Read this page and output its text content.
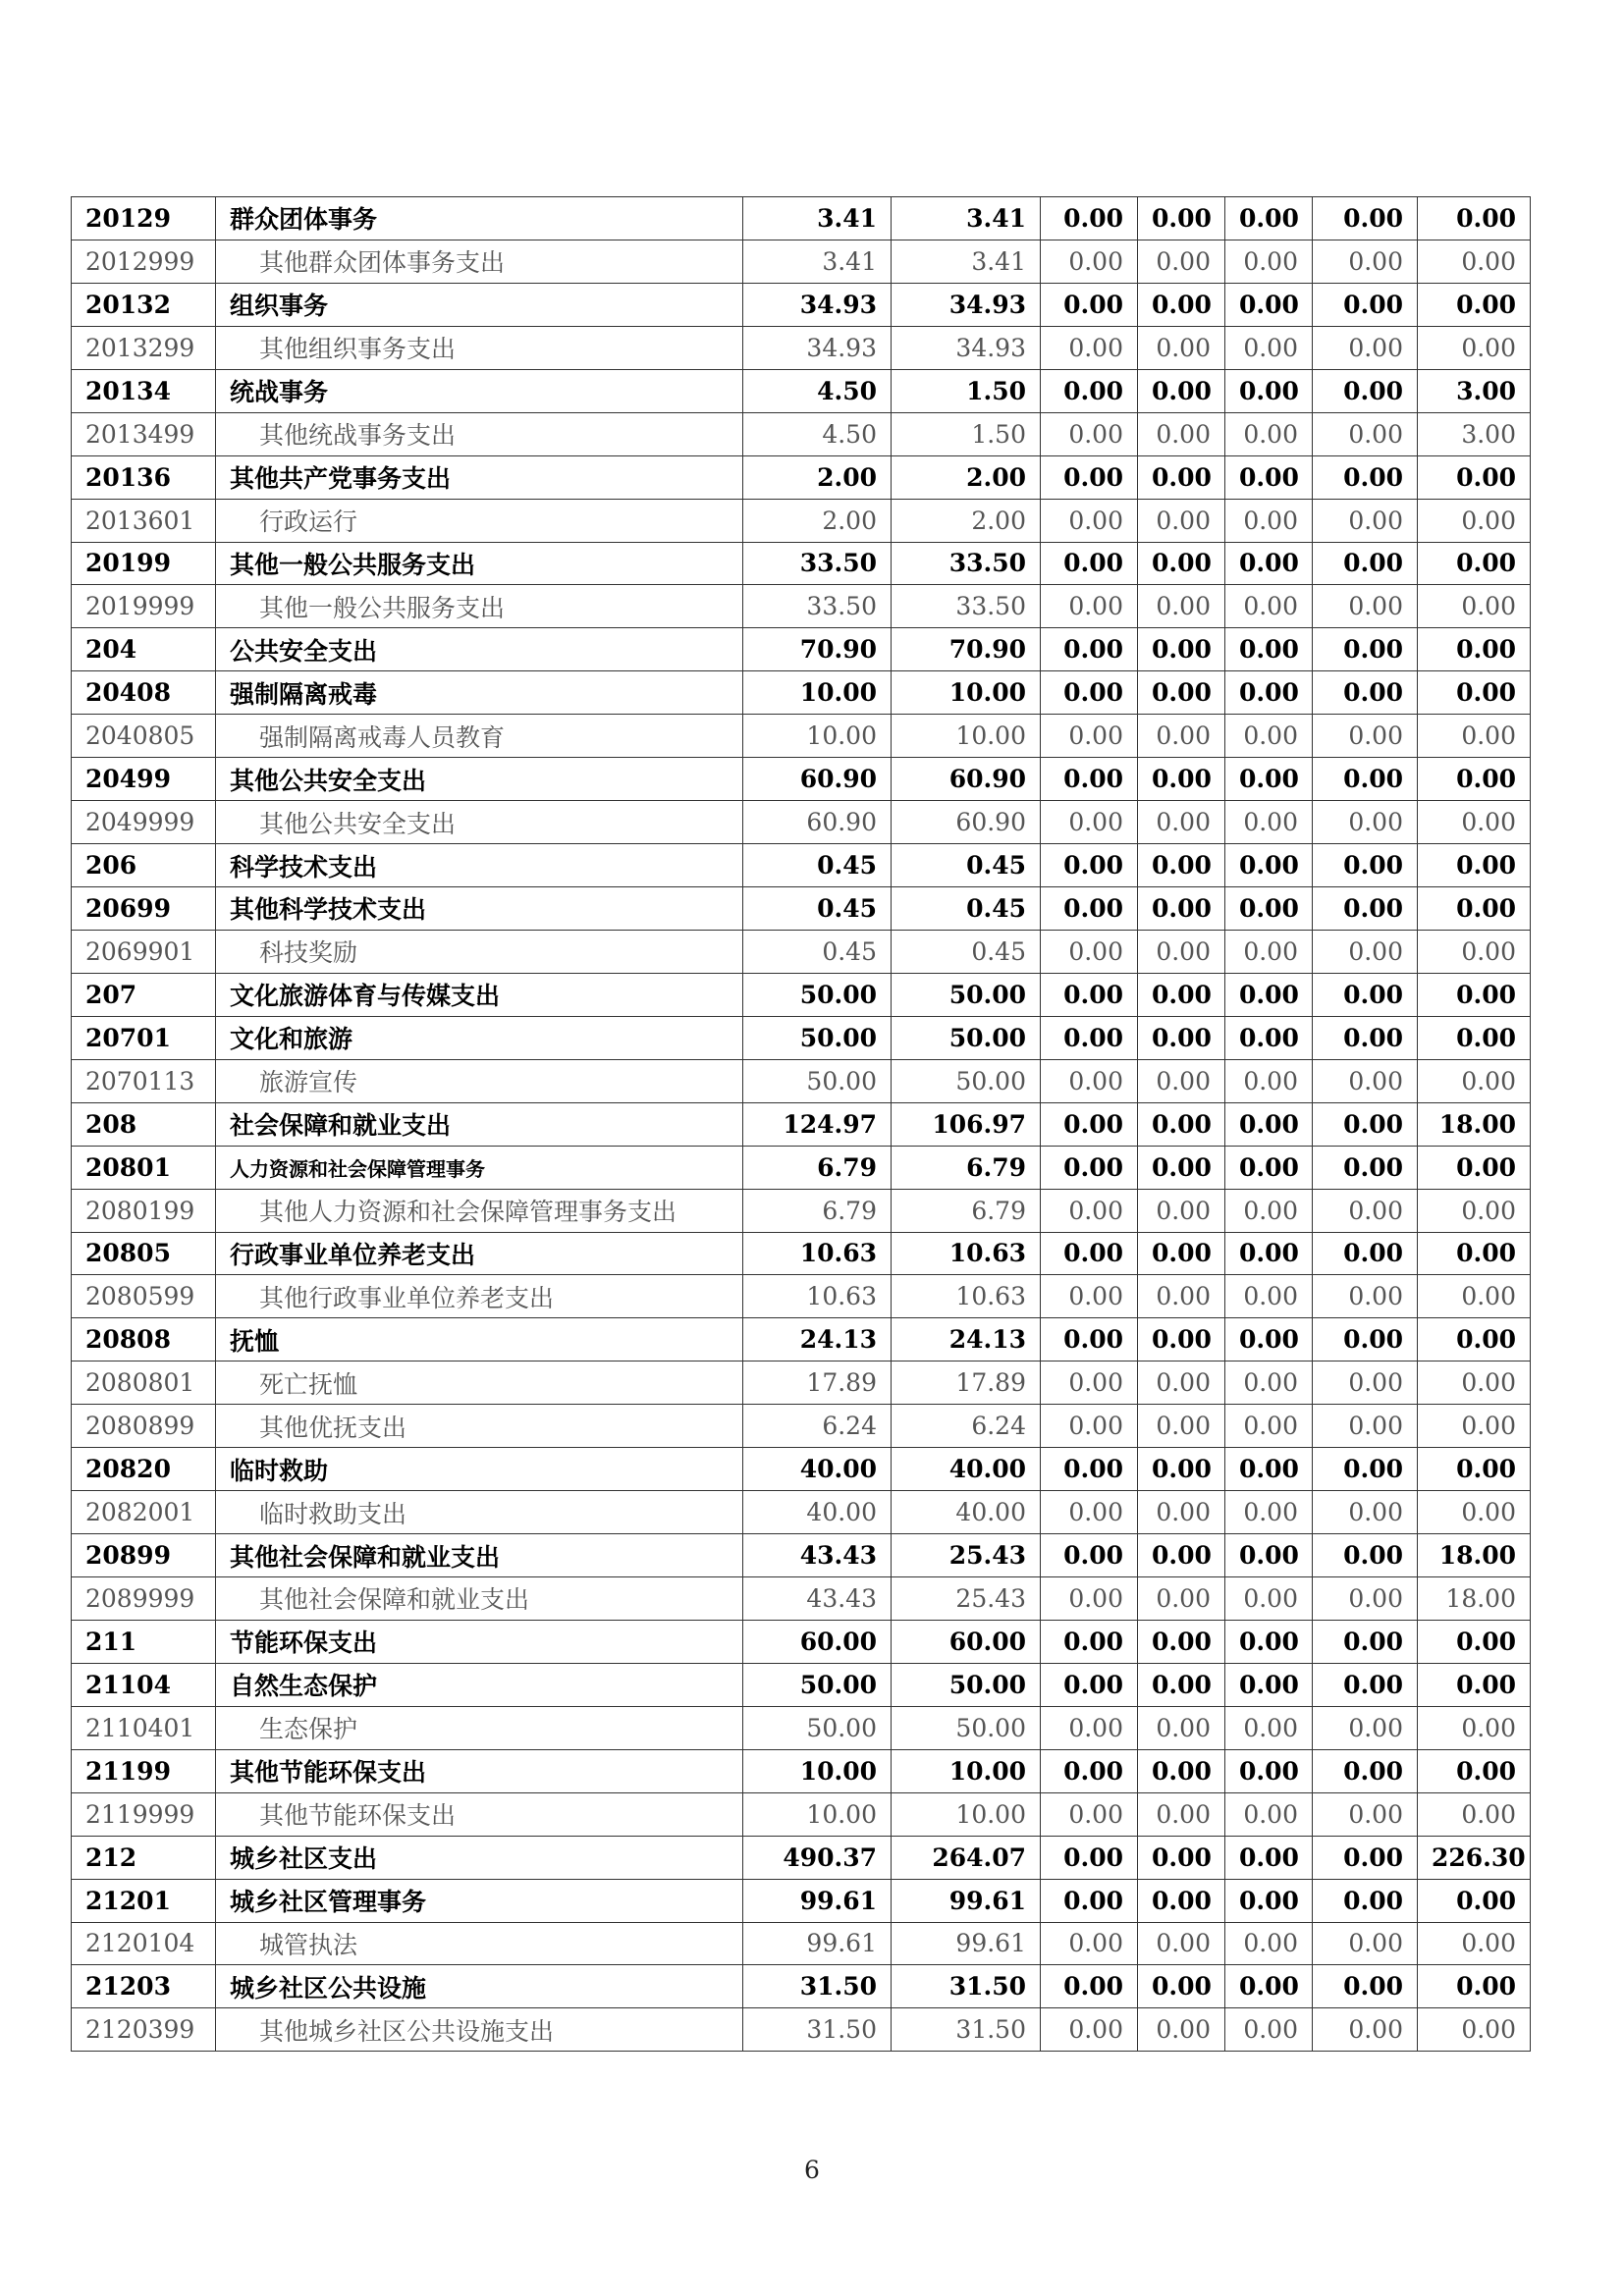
20129	群众团体事务	3.41	3.41	0.00	0.00	0.00	0.00	0.00
2012999	其他群众团体事务支出	3.41	3.41	0.00	0.00	0.00	0.00	0.00
20132	组织事务	34.93	34.93	0.00	0.00	0.00	0.00	0.00
2013299	其他组织事务支出	34.93	34.93	0.00	0.00	0.00	0.00	0.00
20134	统战事务	4.50	1.50	0.00	0.00	0.00	0.00	3.00
2013499	其他统战事务支出	4.50	1.50	0.00	0.00	0.00	0.00	3.00
20136	其他共产党事务支出	2.00	2.00	0.00	0.00	0.00	0.00	0.00
2013601	行政运行	2.00	2.00	0.00	0.00	0.00	0.00	0.00
20199	其他一般公共服务支出	33.50	33.50	0.00	0.00	0.00	0.00	0.00
2019999	其他一般公共服务支出	33.50	33.50	0.00	0.00	0.00	0.00	0.00
204	公共安全支出	70.90	70.90	0.00	0.00	0.00	0.00	0.00
20408	强制隔离戒毒	10.00	10.00	0.00	0.00	0.00	0.00	0.00
2040805	强制隔离戒毒人员教育	10.00	10.00	0.00	0.00	0.00	0.00	0.00
20499	其他公共安全支出	60.90	60.90	0.00	0.00	0.00	0.00	0.00
2049999	其他公共安全支出	60.90	60.90	0.00	0.00	0.00	0.00	0.00
206	科学技术支出	0.45	0.45	0.00	0.00	0.00	0.00	0.00
20699	其他科学技术支出	0.45	0.45	0.00	0.00	0.00	0.00	0.00
2069901	科技奖励	0.45	0.45	0.00	0.00	0.00	0.00	0.00
207	文化旅游体育与传媒支出	50.00	50.00	0.00	0.00	0.00	0.00	0.00
20701	文化和旅游	50.00	50.00	0.00	0.00	0.00	0.00	0.00
2070113	旅游宣传	50.00	50.00	0.00	0.00	0.00	0.00	0.00
208	社会保障和就业支出	124.97	106.97	0.00	0.00	0.00	0.00	18.00
20801	人力资源和社会保障管理事务	6.79	6.79	0.00	0.00	0.00	0.00	0.00
2080199	其他人力资源和社会保障管理事务支出	6.79	6.79	0.00	0.00	0.00	0.00	0.00
20805	行政事业单位养老支出	10.63	10.63	0.00	0.00	0.00	0.00	0.00
2080599	其他行政事业单位养老支出	10.63	10.63	0.00	0.00	0.00	0.00	0.00
20808	抚恤	24.13	24.13	0.00	0.00	0.00	0.00	0.00
2080801	死亡抚恤	17.89	17.89	0.00	0.00	0.00	0.00	0.00
2080899	其他优抚支出	6.24	6.24	0.00	0.00	0.00	0.00	0.00
20820	临时救助	40.00	40.00	0.00	0.00	0.00	0.00	0.00
2082001	临时救助支出	40.00	40.00	0.00	0.00	0.00	0.00	0.00
20899	其他社会保障和就业支出	43.43	25.43	0.00	0.00	0.00	0.00	18.00
2089999	其他社会保障和就业支出	43.43	25.43	0.00	0.00	0.00	0.00	18.00
211	节能环保支出	60.00	60.00	0.00	0.00	0.00	0.00	0.00
21104	自然生态保护	50.00	50.00	0.00	0.00	0.00	0.00	0.00
2110401	生态保护	50.00	50.00	0.00	0.00	0.00	0.00	0.00
21199	其他节能环保支出	10.00	10.00	0.00	0.00	0.00	0.00	0.00
2119999	其他节能环保支出	10.00	10.00	0.00	0.00	0.00	0.00	0.00
212	城乡社区支出	490.37	264.07	0.00	0.00	0.00	0.00	226.30
21201	城乡社区管理事务	99.61	99.61	0.00	0.00	0.00	0.00	0.00
2120104	城管执法	99.61	99.61	0.00	0.00	0.00	0.00	0.00
21203	城乡社区公共设施	31.50	31.50	0.00	0.00	0.00	0.00	0.00
2120399	其他城乡社区公共设施支出	31.50	31.50	0.00	0.00	0.00	0.00	0.00
6
